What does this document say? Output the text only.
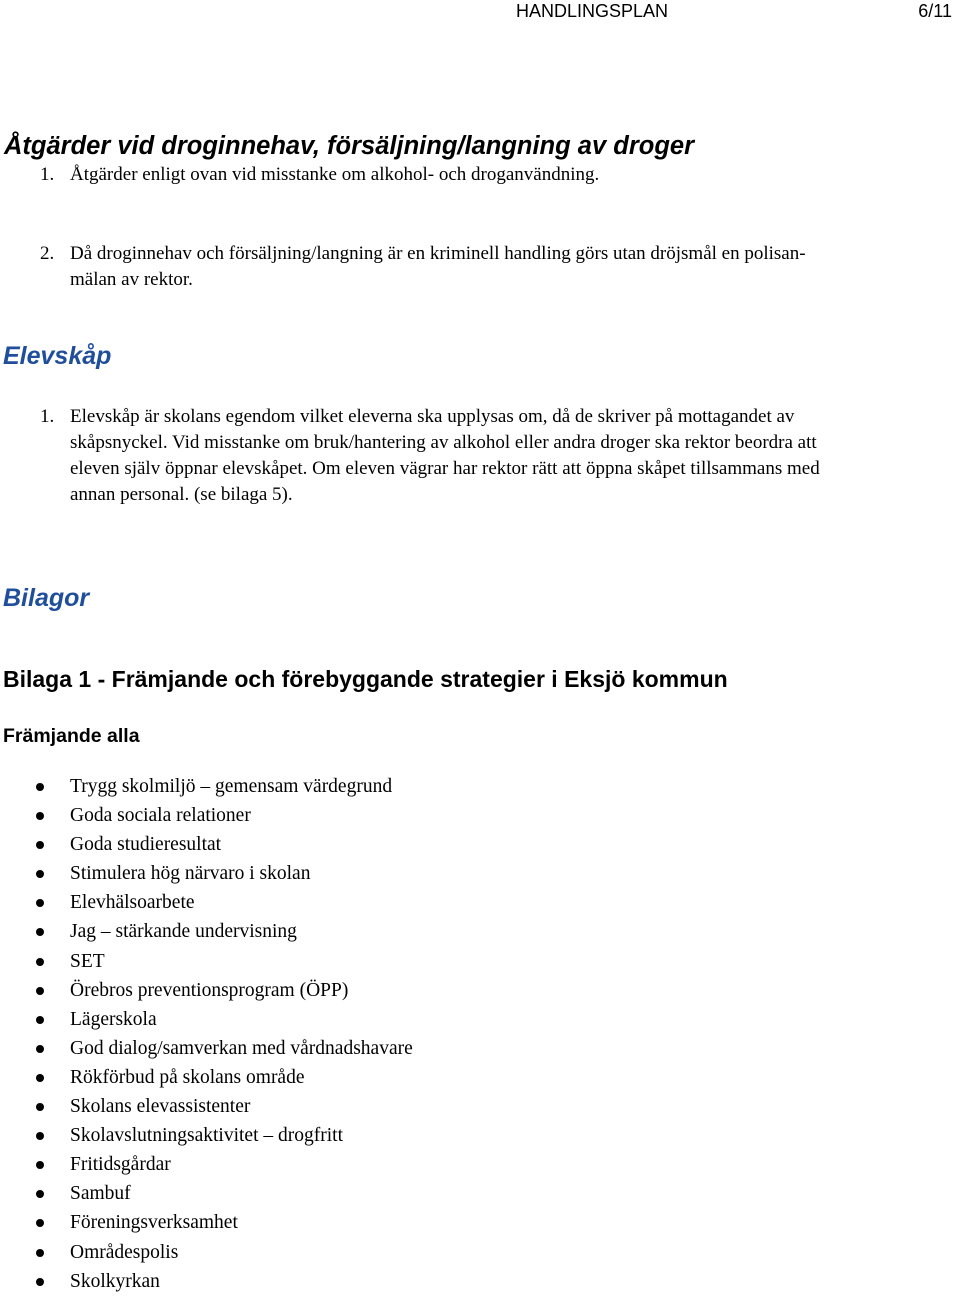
HANDLINGSPLAN	6/11
Åtgärder vid droginnehav, försäljning/langning av droger
1. Åtgärder enligt ovan vid misstanke om alkohol- och droganvändning.
2. Då droginnehav och försäljning/langning är en kriminell handling görs utan dröjsmål en polisan-
mälan av rektor.
Elevskåp
1. Elevskåp är skolans egendom vilket eleverna ska upplysas om, då de skriver på mottagandet av
skåpsnyckel. Vid misstanke om bruk/hantering av alkohol eller andra droger ska rektor beordra att
eleven själv öppnar elevskåpet. Om eleven vägrar har rektor rätt att öppna skåpet tillsammans med
annan personal. (se bilaga 5).
Bilagor
Bilaga 1 - Främjande och förebyggande strategier i Eksjö kommun
Främjande alla
Trygg skolmiljö – gemensam värdegrund
Goda sociala relationer
Goda studieresultat
Stimulera hög närvaro i skolan
Elevhälsoarbete
Jag – stärkande undervisning
SET
Örebros preventionsprogram (ÖPP)
Lägerskola
God dialog/samverkan med vårdnadshavare
Rökförbud på skolans område
Skolans elevassistenter
Skolavslutningsaktivitet – drogfritt
Fritidsgårdar
Sambuf
Föreningsverksamhet
Områdespolis
Skolkyrkan
